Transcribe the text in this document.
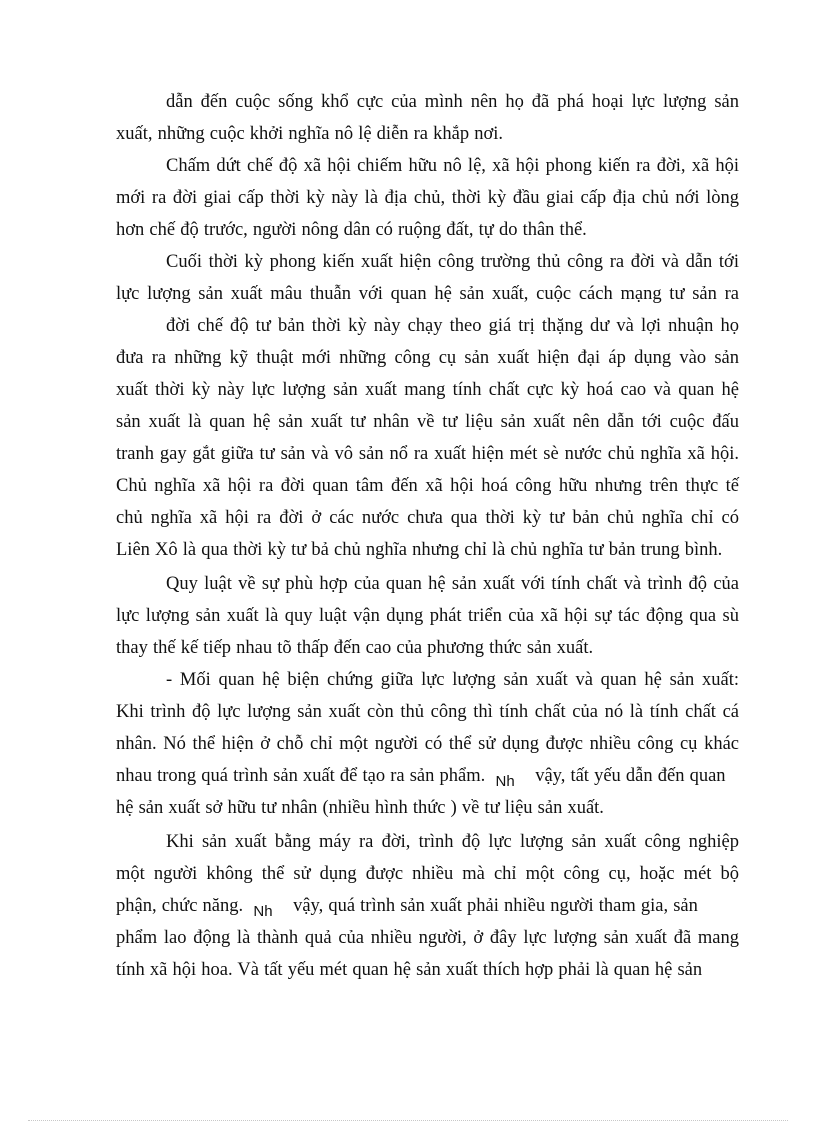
dẫn đến cuộc sống khổ cực của mình nên họ đã phá hoại lực lượng sản
xuất, những cuộc khởi nghĩa nô lệ diễn ra khắp nơi.
Chấm dứt chế độ xã hội chiếm hữu nô lệ, xã hội phong kiến ra đời, xã hội
mới ra đời giai cấp thời kỳ này là địa chủ, thời kỳ đầu giai cấp địa chủ nới lòng
hơn chế độ trước, người nông dân có ruộng đất, tự do thân thể.
Cuối thời kỳ phong kiến xuất hiện công trường thủ công ra đời và dẫn tới
lực lượng sản xuất mâu thuẫn với quan hệ sản xuất, cuộc cách mạng tư sản ra
đời chế độ tư bản thời kỳ này chạy theo giá trị thặng dư và lợi nhuận họ
đưa ra những kỹ thuật mới những công cụ sản xuất hiện đại áp dụng vào sản
xuất thời kỳ này lực lượng sản xuất mang tính chất cực kỳ hoá cao và quan hệ
sản xuất là quan hệ sản xuất tư nhân về tư liệu sản xuất nên dẫn tới cuộc đấu
tranh gay gắt giữa tư sản và vô sản nổ ra xuất hiện mét sè nước chủ nghĩa xã hội.
Chủ nghĩa xã hội ra đời quan tâm đến xã hội hoá công hữu nhưng trên thực tế
chủ nghĩa xã hội ra đời ở các nước chưa qua thời kỳ tư bản chủ nghĩa chỉ có
Liên Xô là qua thời kỳ tư bả chủ nghĩa nhưng chỉ là chủ nghĩa tư bản trung bình.
Quy luật về sự phù hợp của quan hệ sản xuất với tính chất và trình độ của
lực lượng sản xuất là quy luật vận dụng phát triển của xã hội sự tác động qua sù
thay thế kế tiếp nhau tõ thấp đến cao của phương thức sản xuất.
- Mối quan hệ biện chứng giữa lực lượng sản xuất và quan hệ sản xuất:
Khi trình độ lực lượng sản xuất còn thủ công thì tính chất của nó là tính chất cá
nhân. Nó thể hiện ở chỗ chỉ một người có thể sử dụng được nhiều công cụ khác
nhau trong quá trình sản xuất để tạo ra sản phẩm. $_{Nh}$ vậy, tất yếu dẫn đến quan
hệ sản xuất sở hữu tư nhân (nhiều hình thức ) về tư liệu sản xuất.
Khi sản xuất bằng máy ra đời, trình độ lực lượng sản xuất công nghiệp
một người không thể sử dụng được nhiều mà chỉ một công cụ, hoặc mét bộ
phận, chức năng. $_{Nh}$ vậy, quá trình sản xuất phải nhiều người tham gia, sản
phẩm lao động là thành quả của nhiều người, ở đây lực lượng sản xuất đã mang
tính xã hội hoa. Và tất yếu mét quan hệ sản xuất thích hợp phải là quan hệ sản
